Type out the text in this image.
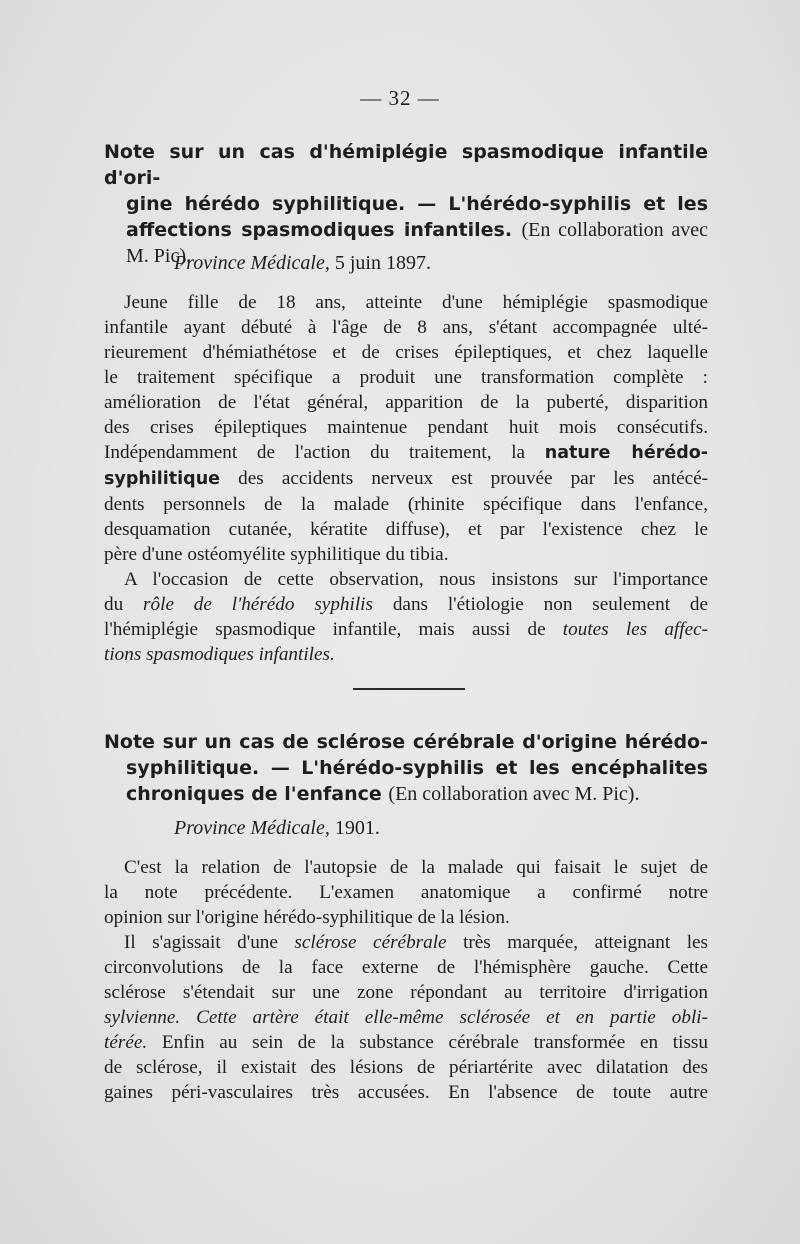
— 32 —
Note sur un cas d'hémiplégie spasmodique infantile d'ori-
gine hérédo syphilitique. — L'hérédo-syphilis et les
affections spasmodiques infantiles. (En collaboration avec
M. Pic).

Province Médicale, 5 juin 1897.

Jeune fille de 18 ans, atteinte d'une hémiplégie spasmodique
infantile ayant débuté à l'âge de 8 ans, s'étant accompagnée ulté-
rieurement d'hémiathétose et de crises épileptiques, et chez laquelle
le traitement spécifique a produit une transformation complète :
amélioration de l'état général, apparition de la puberté, disparition
des crises épileptiques maintenue pendant huit mois consécutifs.
Indépendamment de l'action du traitement, la nature hérédo-
syphilitique des accidents nerveux est prouvée par les antécé-
dents personnels de la malade (rhinite spécifique dans l'enfance,
desquamation cutanée, kératite diffuse), et par l'existence chez le
père d'une ostéomyélite syphilitique du tibia.
A l'occasion de cette observation, nous insistons sur l'importance
du rôle de l'hérédo syphilis dans l'étiologie non seulement de
l'hémiplégie spasmodique infantile, mais aussi de toutes les affec-
tions spasmodiques infantiles.
Note sur un cas de sclérose cérébrale d'origine hérédo-
syphilitique. — L'hérédo-syphilis et les encéphalites
chroniques de l'enfance (En collaboration avec M. Pic).

Province Médicale, 1901.

C'est la relation de l'autopsie de la malade qui faisait le sujet de
la note précédente. L'examen anatomique a confirmé notre
opinion sur l'origine hérédo-syphilitique de la lésion.
Il s'agissait d'une sclérose cérébrale très marquée, atteignant les
circonvolutions de la face externe de l'hémisphère gauche. Cette
sclérose s'étendait sur une zone répondant au territoire d'irrigation
sylvienne. Cette artère était elle-même sclérosée et en partie obli-
térée. Enfin au sein de la substance cérébrale transformée en tissu
de sclérose, il existait des lésions de périartérite avec dilatation des
gaines péri-vasculaires très accusées. En l'absence de toute autre
